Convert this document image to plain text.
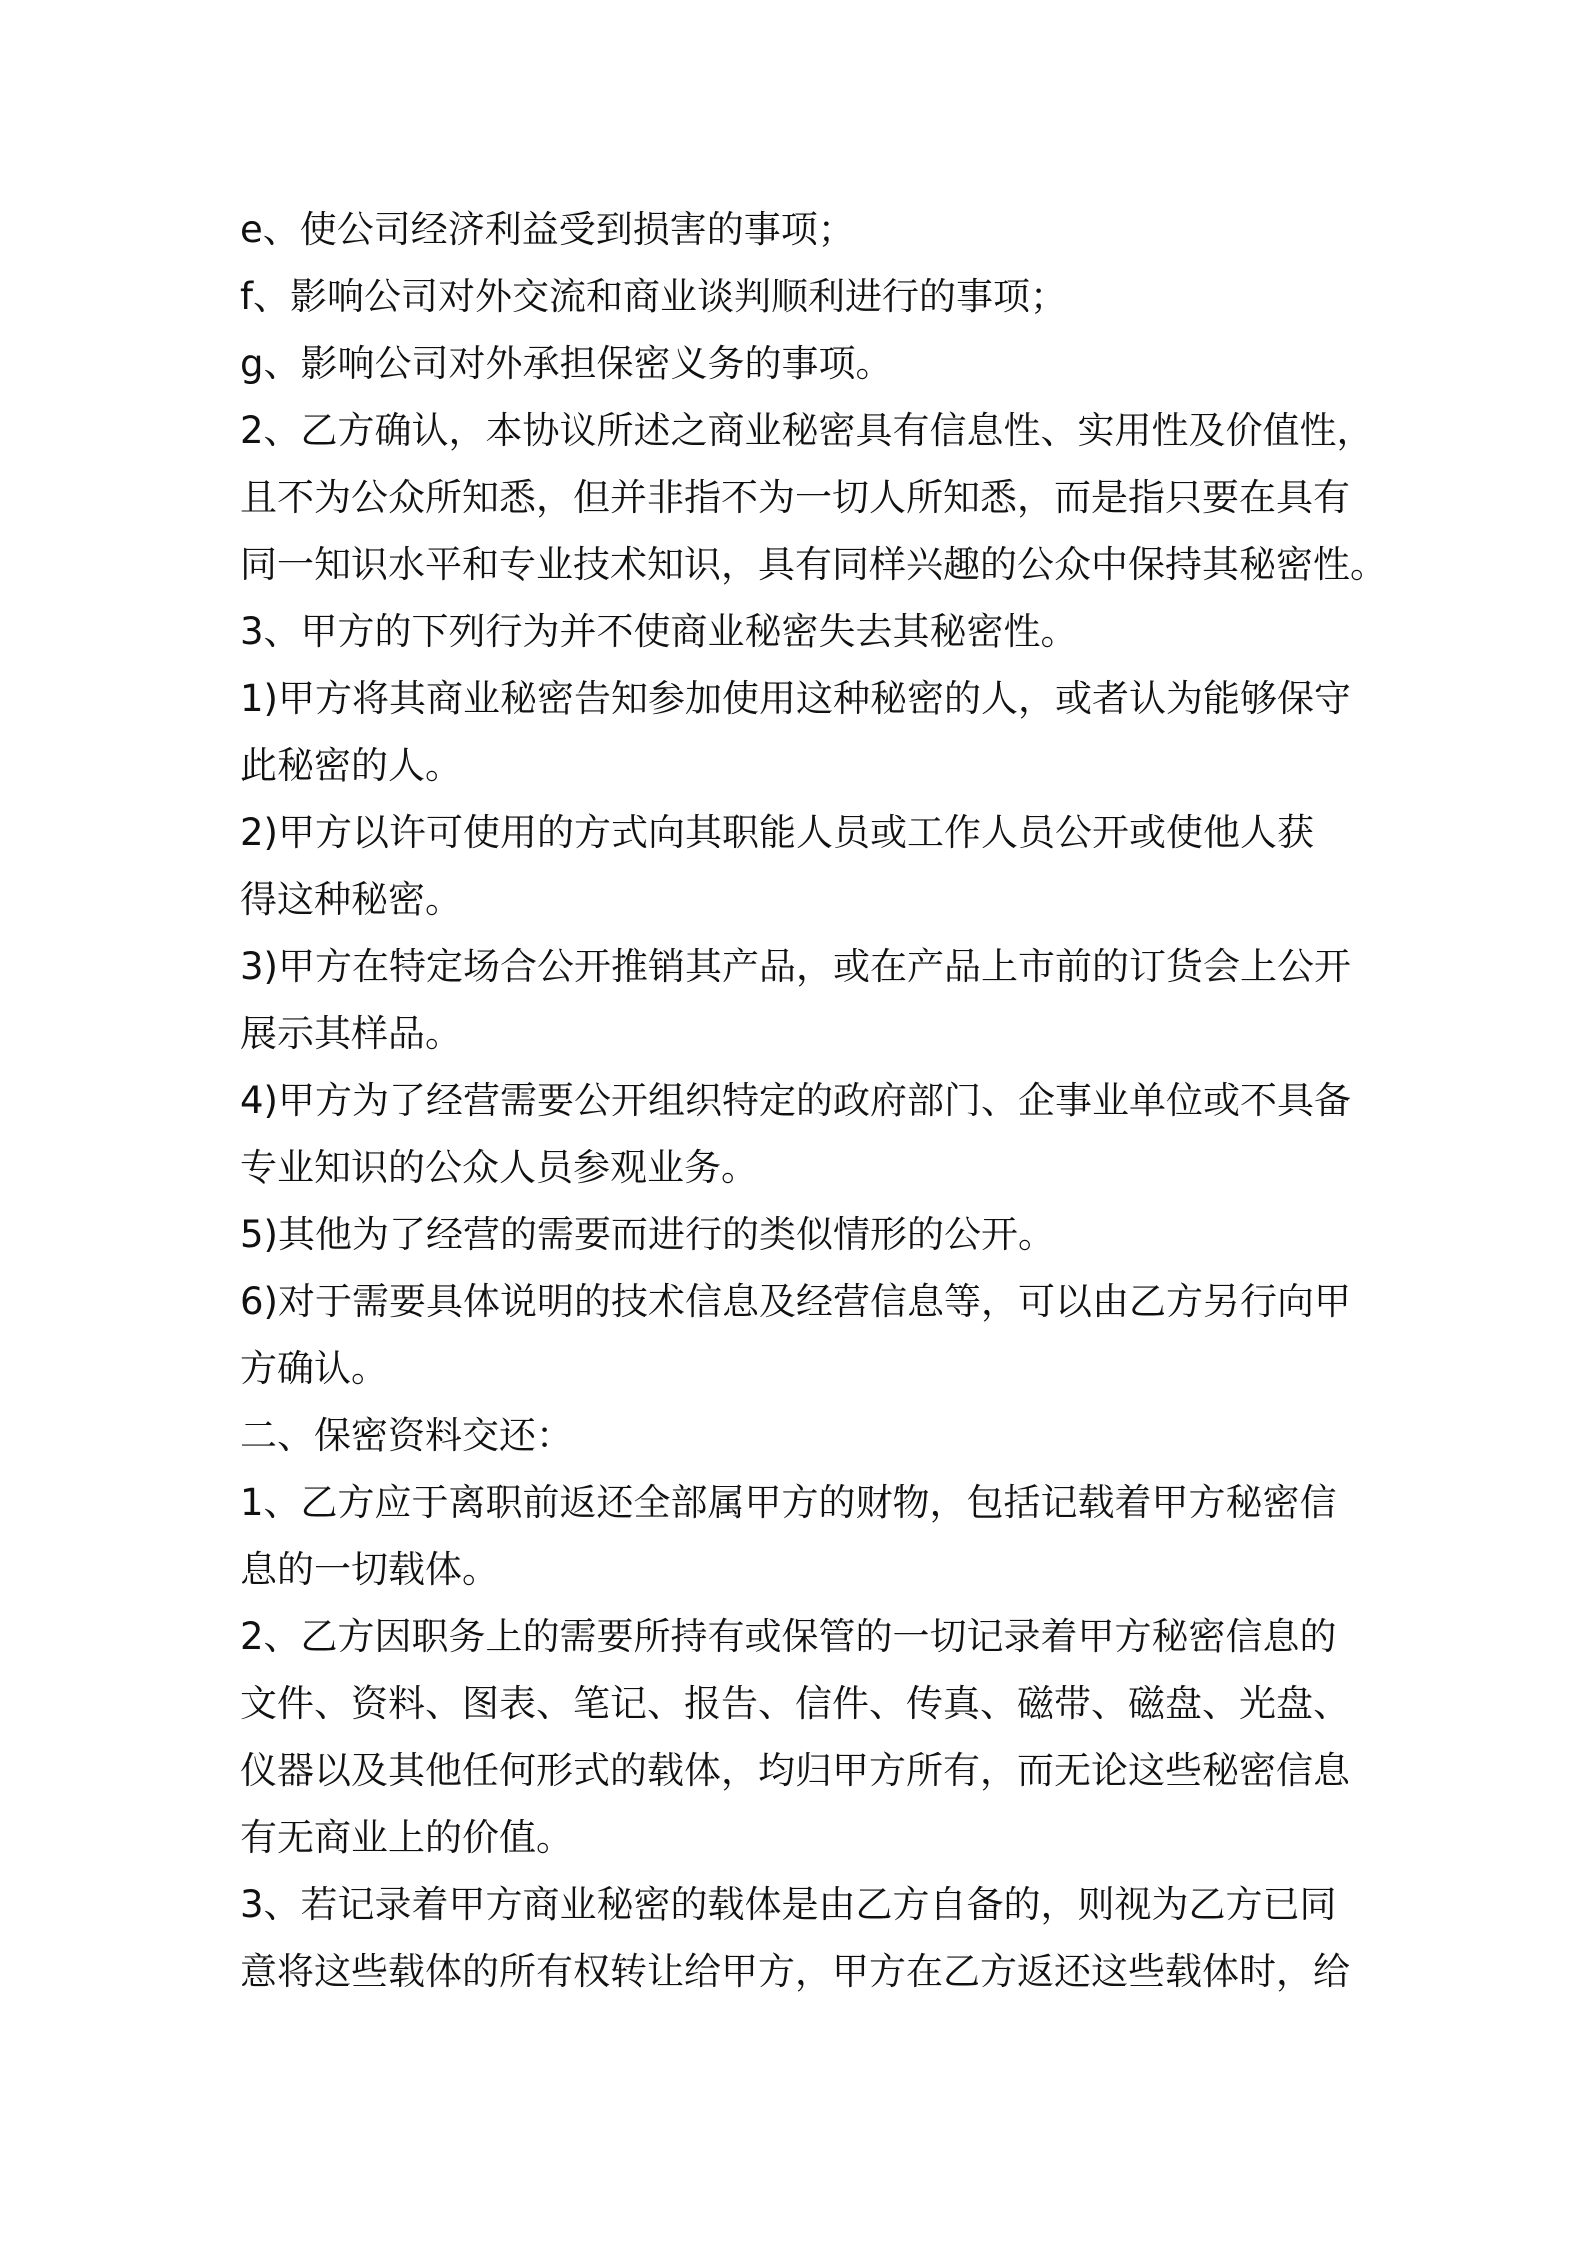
e、使公司经济利益受到损害的事项；
f、影响公司对外交流和商业谈判顺利进行的事项；
g、影响公司对外承担保密义务的事项。
2、乙方确认，本协议所述之商业秘密具有信息性、实用性及价值性，
且不为公众所知悉，但并非指不为一切人所知悉，而是指只要在具有
同一知识水平和专业技术知识，具有同样兴趣的公众中保持其秘密性。
3、甲方的下列行为并不使商业秘密失去其秘密性。
1)甲方将其商业秘密告知参加使用这种秘密的人，或者认为能够保守
此秘密的人。
2)甲方以许可使用的方式向其职能人员或工作人员公开或使他人获
得这种秘密。
3)甲方在特定场合公开推销其产品，或在产品上市前的订货会上公开
展示其样品。
4)甲方为了经营需要公开组织特定的政府部门、企事业单位或不具备
专业知识的公众人员参观业务。
5)其他为了经营的需要而进行的类似情形的公开。
6)对于需要具体说明的技术信息及经营信息等，可以由乙方另行向甲
方确认。
二、保密资料交还：
1、乙方应于离职前返还全部属甲方的财物，包括记载着甲方秘密信
息的一切载体。
2、乙方因职务上的需要所持有或保管的一切记录着甲方秘密信息的
文件、资料、图表、笔记、报告、信件、传真、磁带、磁盘、光盘、
仪器以及其他任何形式的载体，均归甲方所有，而无论这些秘密信息
有无商业上的价值。
3、若记录着甲方商业秘密的载体是由乙方自备的，则视为乙方已同
意将这些载体的所有权转让给甲方，甲方在乙方返还这些载体时，给
